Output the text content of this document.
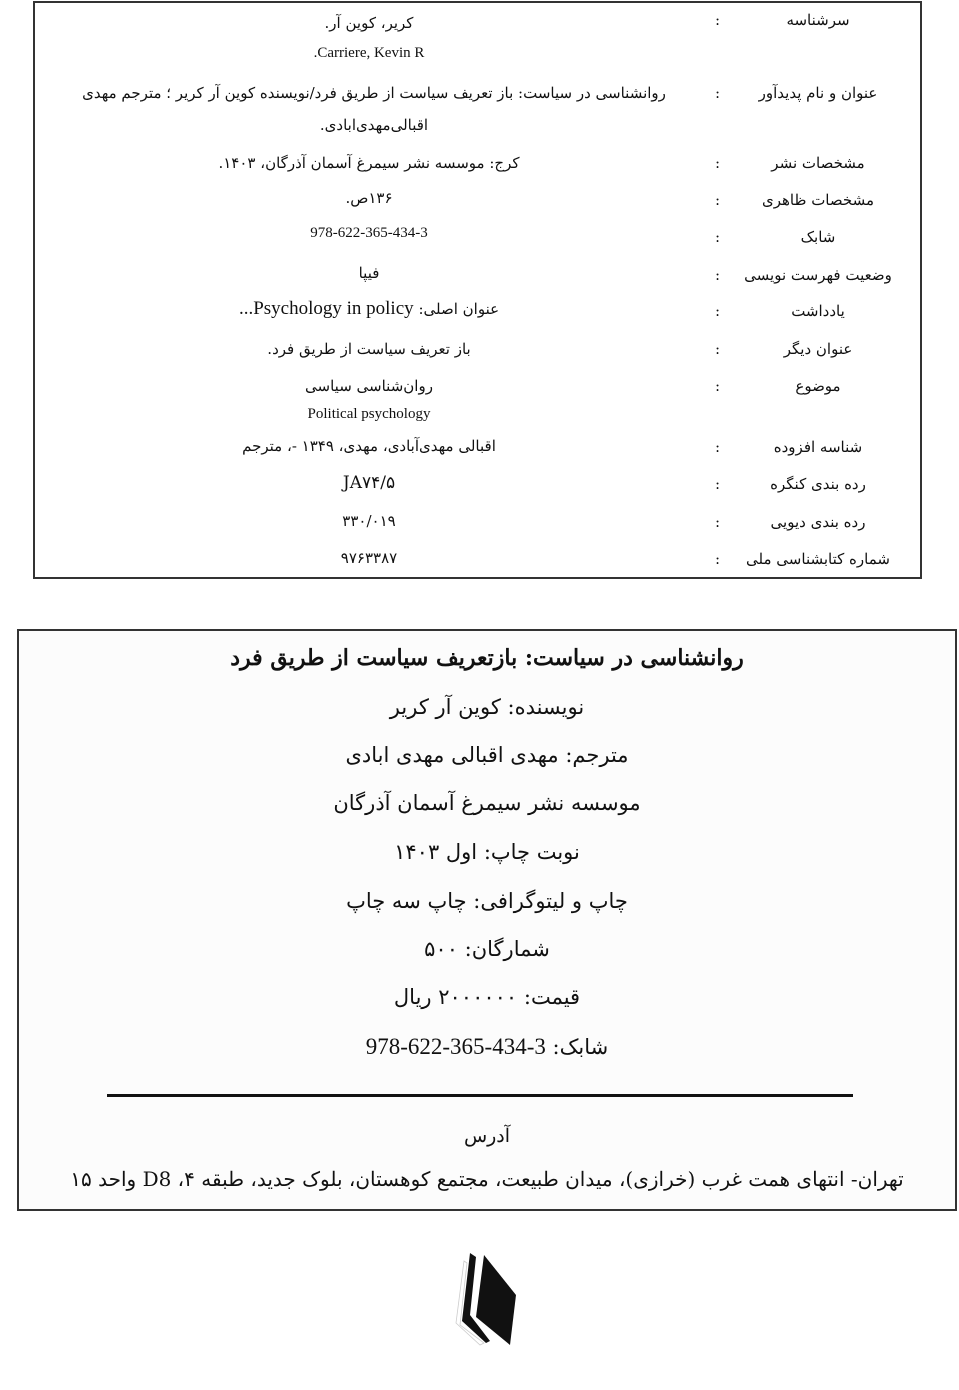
سرشناسه
:
کریر، کوین آر.
.Carriere, Kevin R
عنوان و نام پدیدآور
:
روانشناسی در سیاست: باز تعریف سیاست از طریق فرد/نویسنده کوین آر کریر ؛ مترجم مهدی اقبالی‌مهدی‌ابادی.
مشخصات نشر
:
کرج: موسسه نشر سیمرغ آسمان آذرگان، ۱۴۰۳.
مشخصات ظاهری
:
۱۳۶ص.
شابک
:
978-622-365-434-3
وضعیت فهرست نویسی
:
فیپا
یادداشت
:
عنوان اصلی: ...Psychology in policy
عنوان دیگر
:
باز تعریف سیاست از طریق فرد.
موضوع
:
روان‌شناسی سیاسی
Political psychology
شناسه افزوده
:
اقبالی مهدی‌آبادی، مهدی، ۱۳۴۹ -، مترجم
رده بندی کنگره
:
JA۷۴/۵
رده بندی دیویی
:
۳۳۰/۰۱۹
شماره کتابشناسی ملی
:
۹۷۶۳۳۸۷
روانشناسی در سیاست: بازتعریف سیاست از طریق فرد
نویسنده: کوین آر کریر
مترجم: مهدی اقبالی مهدی ابادی
موسسه نشر سیمرغ آسمان آذرگان
نوبت چاپ: اول ۱۴۰۳
چاپ و لیتوگرافی: چاپ سه چاپ
شمارگان: ۵۰۰
قیمت: ۲۰۰۰۰۰۰ ریال
شابک: 978-622-365-434-3
آدرس
تهران- انتهای همت غرب (خرازی)، میدان طبیعت، مجتمع کوهستان، بلوک جدید، طبقه ۴، D8 واحد ۱۵
